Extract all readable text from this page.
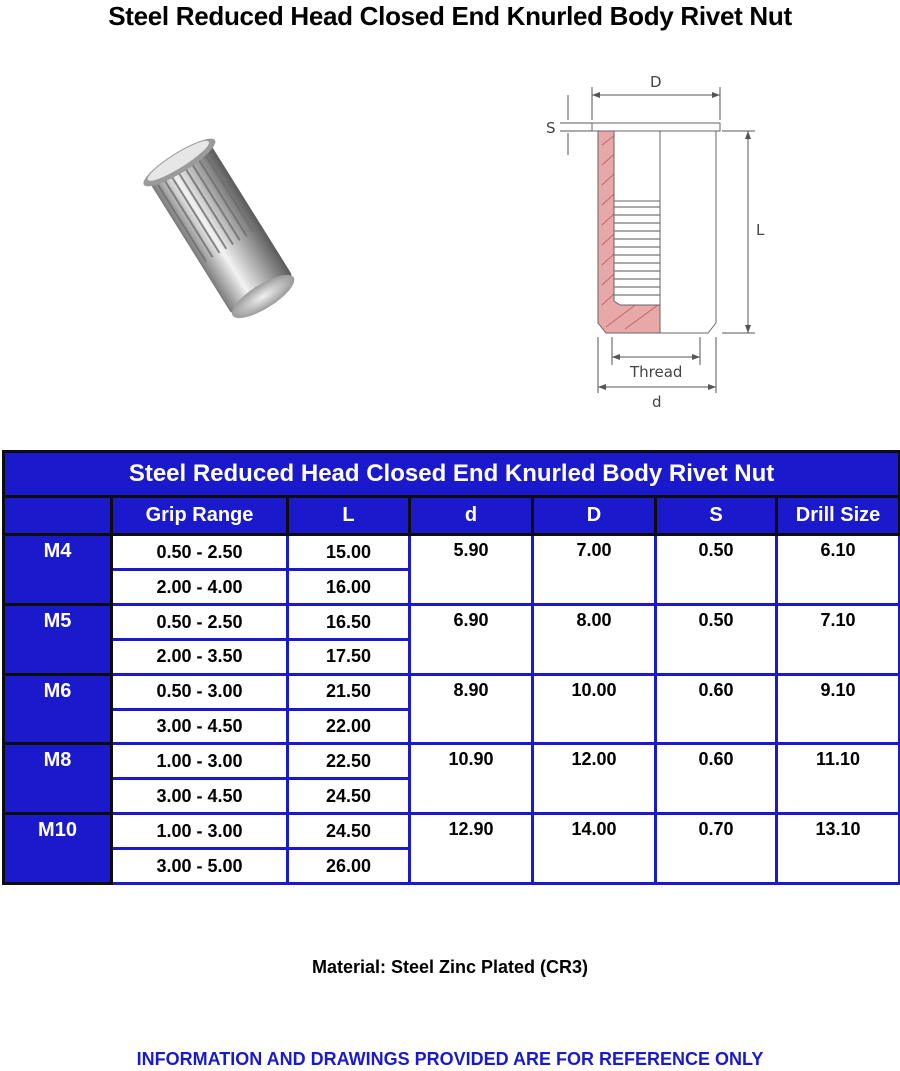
Steel Reduced Head Closed End Knurled Body Rivet Nut
D
S
L
Thread
d
Steel Reduced Head Closed End Knurled Body Rivet Nut						
	Grip Range	L	d	D	S	Drill Size
M4	0.50 - 2.50	15.00	5.90	7.00	0.50	6.10
	2.00 - 4.00	16.00				
M5	0.50 - 2.50	16.50	6.90	8.00	0.50	7.10
	2.00 - 3.50	17.50				
M6	0.50 - 3.00	21.50	8.90	10.00	0.60	9.10
	3.00 - 4.50	22.00				
M8	1.00 - 3.00	22.50	10.90	12.00	0.60	11.10
	3.00 - 4.50	24.50				
M10	1.00 - 3.00	24.50	12.90	14.00	0.70	13.10
	3.00 - 5.00	26.00				
Material: Steel Zinc Plated (CR3)
INFORMATION AND DRAWINGS PROVIDED ARE FOR REFERENCE ONLY
